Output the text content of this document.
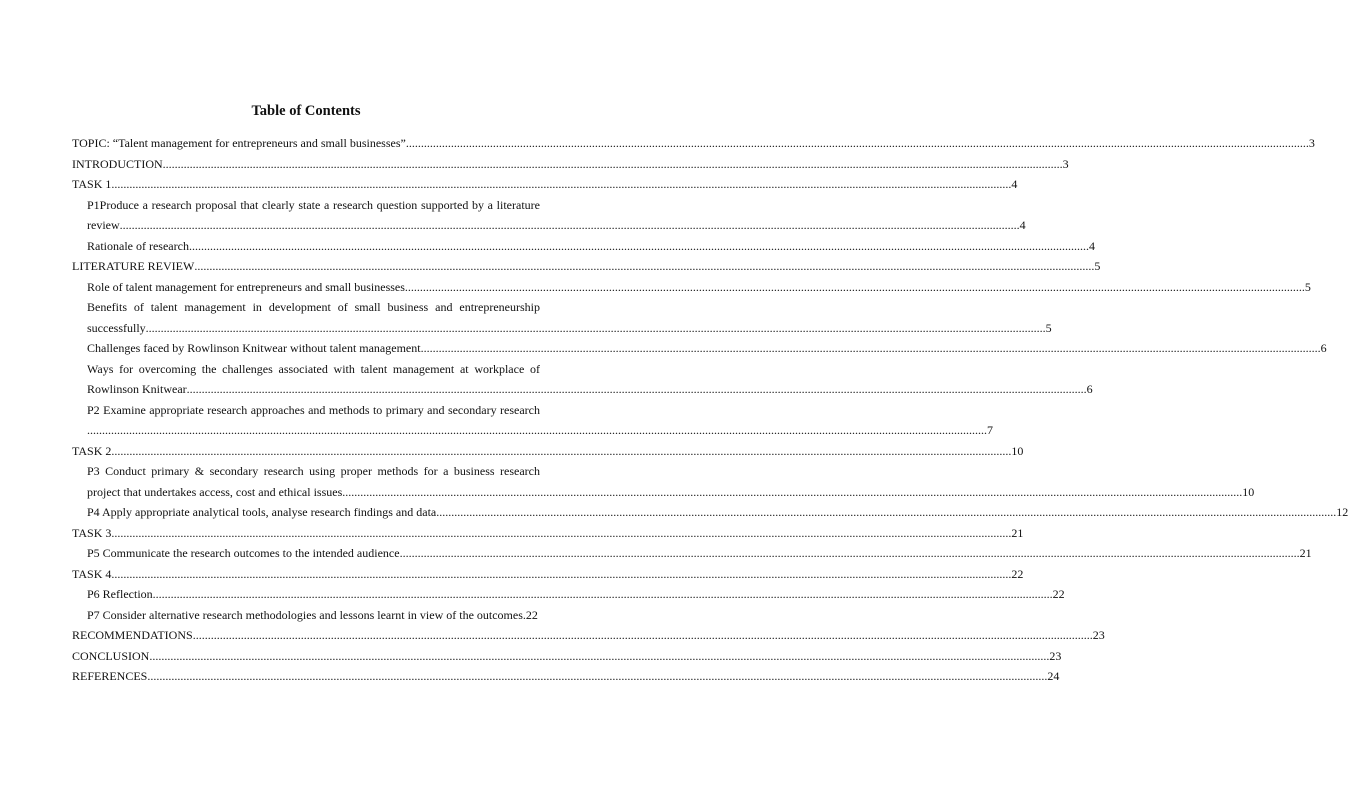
Table of Contents
TOPIC: “Talent management for entrepreneurs and small businesses”. ............................................................................................................................................................................................................................................................................................................ 3
INTRODUCTION ............................................................................................................................................................................................................................................................................................................ 3
TASK 1 ............................................................................................................................................................................................................................................................................................................ 4
P1Produce a research proposal that clearly state a research question supported by a literature
review ............................................................................................................................................................................................................................................................................................................ 4
Rationale of research ............................................................................................................................................................................................................................................................................................................ 4
LITERATURE REVIEW ............................................................................................................................................................................................................................................................................................................ 5
Role of talent management for entrepreneurs and small businesses ............................................................................................................................................................................................................................................................................................................ 5
Benefits of talent management in development of small business and entrepreneurship
successfully ............................................................................................................................................................................................................................................................................................................ 5
Challenges faced by Rowlinson Knitwear without talent management ............................................................................................................................................................................................................................................................................................................ 6
Ways for overcoming the challenges associated with talent management at workplace of
Rowlinson Knitwear ............................................................................................................................................................................................................................................................................................................ 6
P2 Examine appropriate research approaches and methods to primary and secondary research
............................................................................................................................................................................................................................................................................................................ 7
TASK 2 ............................................................................................................................................................................................................................................................................................................ 10
P3 Conduct primary & secondary research using proper methods for a business research
project that undertakes access, cost and ethical issues ............................................................................................................................................................................................................................................................................................................ 10
P4 Apply appropriate analytical tools, analyse research findings and data ............................................................................................................................................................................................................................................................................................................ 12
TASK 3 ............................................................................................................................................................................................................................................................................................................ 21
P5 Communicate the research outcomes to the intended audience ............................................................................................................................................................................................................................................................................................................ 21
TASK 4 ............................................................................................................................................................................................................................................................................................................ 22
P6 Reflection ............................................................................................................................................................................................................................................................................................................ 22
P7 Consider alternative research methodologies and lessons learnt in view of the outcomes. 22
RECOMMENDATIONS ............................................................................................................................................................................................................................................................................................................ 23
CONCLUSION ............................................................................................................................................................................................................................................................................................................ 23
REFERENCES ............................................................................................................................................................................................................................................................................................................ 24
